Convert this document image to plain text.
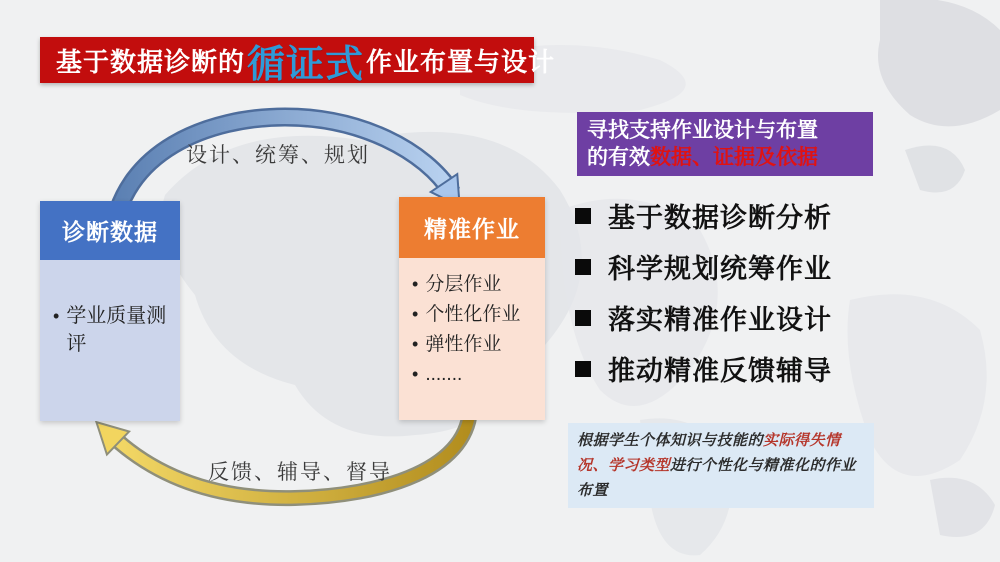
基于数据诊断的 循证式 作业布置与设计
设计、统筹、规划
反馈、辅导、督导
诊断数据
• 学业质量测评
精准作业
• 分层作业
• 个性化作业
• 弹性作业
• .......
寻找支持作业设计与布置
的有效数据、证据及依据
基于数据诊断分析
科学规划统筹作业
落实精准作业设计
推动精准反馈辅导
根据学生个体知识与技能的实际得失情况、学习类型进行个性化与精准化的作业布置
